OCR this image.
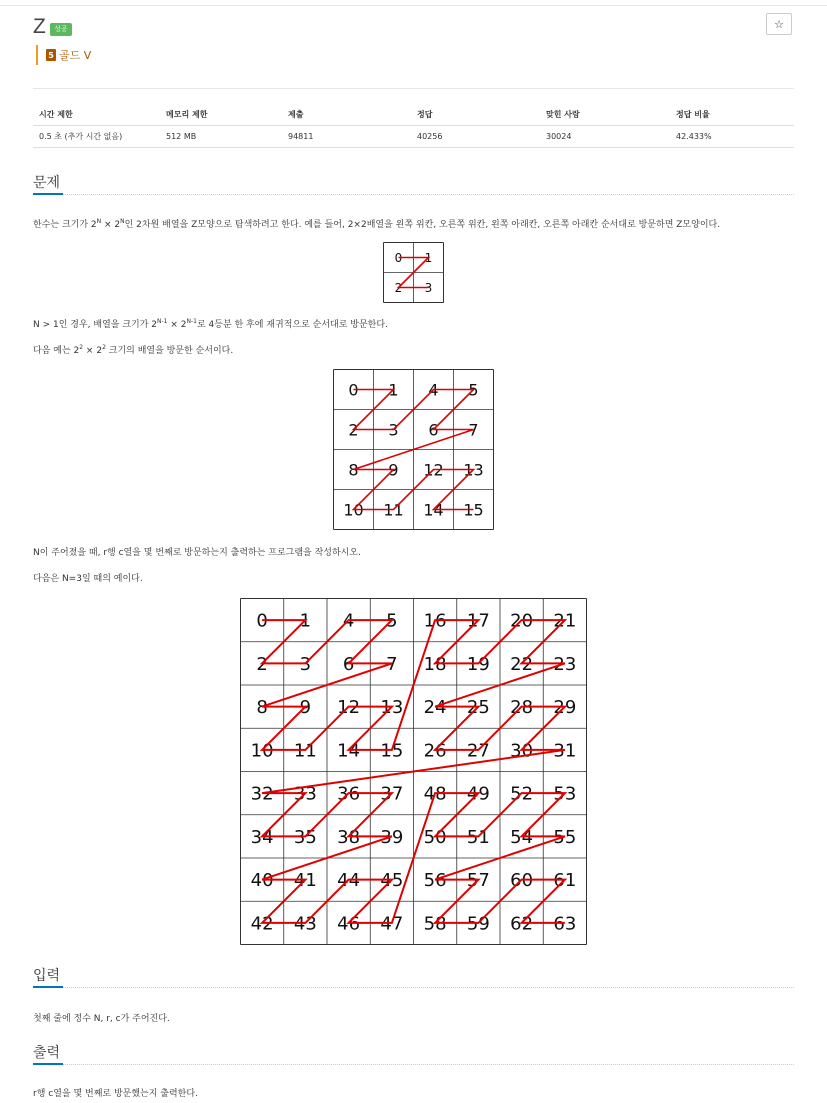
Z	성공	☆
5 골드 V
시간 제한	메모리 제한	제출	정답	맞힌 사람	정답 비율
0.5 초 (추가 시간 없음)	512 MB	94811	40256	30024	42.433%
문제
한수는 크기가 $2^N \times 2^N$인 2차원 배열을 Z모양으로 탐색하려고 한다. 예를 들어, 2×2배열을 왼쪽 위칸, 오른쪽 위칸, 왼쪽 아래칸, 오른쪽 아래칸 순서대로 방문하면 Z모양이다.
0 1
2 3
N > 1인 경우, 배열을 크기가 $2^{N-1} \times 2^{N-1}$로 4등분 한 후에 재귀적으로 순서대로 방문한다.
다음 예는 $2^2 \times 2^2$ 크기의 배열을 방문한 순서이다.
0 1 4 5
2 3 6 7
8 9 12 13
10 11 14 15
N이 주어졌을 때, r행 c열을 몇 번째로 방문하는지 출력하는 프로그램을 작성하시오.
다음은 N=3일 때의 예이다.
0 1 4 5 16 17 20 21
2 3 6 7 18 19 22 23
8 9 12 13 24 25 28 29
10 11 14 15 26 27 30 31
32 33 36 37 48 49 52 53
34 35 38 39 50 51 54 55
40 41 44 45 56 57 60 61
42 43 46 47 58 59 62 63
입력
첫째 줄에 정수 N, r, c가 주어진다.
출력
r행 c열을 몇 번째로 방문했는지 출력한다.
